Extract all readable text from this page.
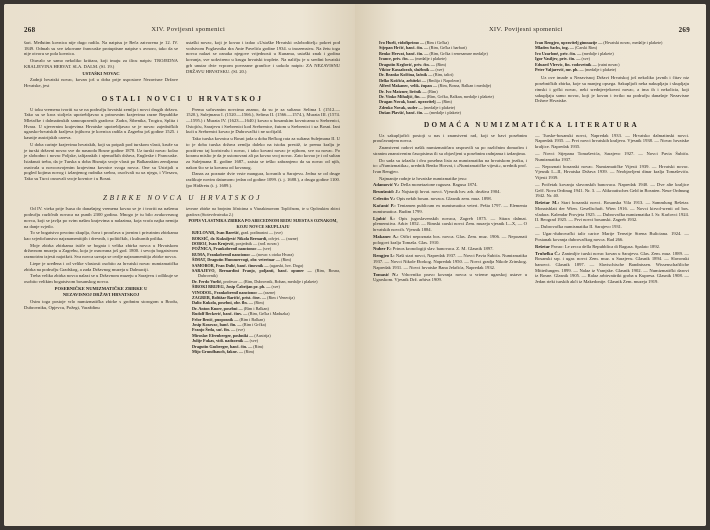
268	XIV. Povijesni spomenici

šari. Međutim kovnica nije dugo radila. Na natpisu je Beča zatvorena je 12. IV. 1849. Odmah su sve izkovane francuske protuptisne natpise s avnoro, tako da se nije otvoru se pola kovnica.

Otuvalo se samo nekoliko kriitara, koji imaju za ilicu natpis: TROJEDNA KRALJEVINA HERVAT. SLA. DALM. (Sl. 19.)

USTAŠKI NOVAC

Zadnji hrvatski novac, kovan još u doba prije uspostave Nezavisne Države Hrvatske, jest

ustaški novac, koji je kovao i izdao »Ustaške Hrvatski osloboditelj« pokret pod vodstvom Poglavnika dra Ante Pavelića godine 1934. u inozemstvu. Na žetu toga novca nalazi se oznaka njegove vrijednosti u Kunama, ustaški znak i godina kovanja, sve uokvireno u krugu hrvatski troplete. Na naličju je u sredini hrvatski grb unutar dvie vrpcom povezane grančice i uokolo natpis: ZA NEZAVISNU DRŽAVU HRVATSKU. (Sl. 20.)

OSTALI NOVCI U HRVATSKOJ

U toku vremena tvoriti su se na području hrvatski zemlja i novci drugih država. Tako su se kroz stoljeća upotrebljavao u prinovnim krajevima razne Republike Mletačke i dalmatinskih samoupravnih gradova: Zadra, Šibenika, Trogira, Splita i Hvara. U ujevernim krajevima Hrvatske upotrebljavao se je novac zajedničkih ugarsko-hrvatskih kraljeva (njihova je kovnica radila u Zagrebu još godine 1525. i kasnije austrijskih careva.

U doba carinje krajevima hrvatskih, koji su potpali pod turskom vlasti, kruže su je turski državni novac sve do nasnoda Bosne godine 1878. Uz turski novac kolao je slobodno i novac Poljske, talijanskih i njemačkih država, Engleske i Francuske. Istaknuti treba, da je Turska u doba Bismija svoje vlasti po Balkanskim zemljama osnivala u novoosvojenim krajevima kovnice svoga novca. One su Ustrijali u pogled kojima novog i izlanjenog rudnika srebra, osoćivali su uz njega, i Vlesava, Tako su Turci osnovali svoje kovnice i u Bosni.

Prema sačuvanim novcima znamo, da su je za sultana: Selima I. (1512.—1520.), Sulejmana I. (1520.—1566.), Selima II. (1566.—1574.), Murata III. (1574.—1595.) i Murata IV. (1623.—1640.) kovao u bosanskim kovnicama u Srebrenici, Ostojiću, Sarajevu i Srebrenici kod Srebrenice, žutom u Srebrenici i uz Bosni. Izni kući u Srebrenici kovao je Dubrovački i ne uočijalil.

Tako turska kovnica u Bosni jada u doba Bečkog rata za sultana Sulejmana II. U to je doba turska država zemlja daleko na istoku prestiž, iz prema kralju je pozitivno taj koristvalu i novac, i tako kovani novac je njihom, sve su novac. Po koranu mislio je da je ustonovani ali pa kovao svoj novac. Zato kovao je i od sultan za Sulejmana II. godine 1687., zaista se teško zabranjeno da su novac od njih, nakon što se ta kovanu od kovanog.

Danas za poznate dvie vrste mangura, kovanih u Sarajevu. Jedna se od druge razlikuje novim datumom: jedan od godine 1099. (t. j. 1688.), a druga godine 1100. (po Hidžretu (t. j. 1689.).

ZBIRKE NOVCA U HRVATSKOJ

Od IV. vieka prije Isusa do današnjeg vremena kovao se je i tvoriti na našemu području različnih novaca na punih 2300 godina. Mnogo je tu bilo avakovrsnog novca, koji se javlja po svim našim krajevima u nalazima, koja vraća najka nemija na danje svjetlo.

To se bogatstvo prvotno skuplja, čuva i proučava u javnim i privatnim zbirkama kao svjedočanstvo najznamenitijih i drevnih, i političkih, i kulturnih prilika.

Moje zbirka zbirkama ističe se bogata i velika zbirka novca u Hrvatskom državnom muzeju u Zagrebu, koja je osnovana još god. 1800. i sevoju bogatstvom razmotrim izjesti najotkrit. Sva novca uzvaja se ovdje najznamenitija zbirke novca.

Liepe je uređena i od velike vlastosti osobito za hrvatski novac numizmatička zbirka na području Gradskog, a zada Državnog muzeja u Dalmaciji.

Treba velika zbirka novca nalazi se u Državnom muzeju u Sarajevu i odlikuje se osobito velikim bogatstvom bosanskog novca.

POSEBNIČKE NUMIZMATIČKE ZBIRKE U

NEZAVISNOJ DRŽAVI HRVATSKOJ

Osim toga postoje vrlo numizmatička zbirke s grobnim storogom u Brodu, Dubrovniku, Opjevcu, Požegi, Varaždinu

izvrsne zbirke na brojnim ličnicima u Visnakimovom Topličnom, te u Općinskim zbirci gradova (Stotevdvatvaka 2.)

POPIS VLASTNIKA ZBIRKA PO ABECEDNOM REDU MJESTA S OZNAKOM, KOJU NOVCE SKUPLJAJU

BJELOVAR, Ivan Barešić, grad. podinastni — (sve)
BOKSIĆ, dr. Kukuljević Nikola Bernardi, odvjet. — (razne)
DOBOJ, Ivan Krnjević, posjednik — (rođ. novac)
POŽNICA, Frankobrenil nancionoc — (sve)
RUMA, Frankobrenil nancionoc — (novac s otoka Hvara)
ŠIMAT, Dragutin Hummervogi, obr. veterinar — (Rim)
SAMOBOR, Fran Dulić, banč. činovnik — (ugarski, hrv. Doga)
SARAJEVO, Bernardini Franjo, poljanti, banč. opuner — (Rim, Bosna, Dubrovnik)
Dr. Ferdo Vurlić, profesor — (Rim, Dubrovnik, Bohan, medalje i plakete)
ŠIROKI BRIJEG, Josip Čabrijan pr. ph. — (sve)
VINODOL, Frankobrenil nancionoc — (razne)
ZAGREB, Boltižar Baričić, prist. činv. — (Rim i Venecija)
Dalio Kukola, posebni, obr. fln. — (Rim)
Dr. Anton Knorr, posebni — (Rim i Balkan)
Rudolf Beckerić, banč. činv. — (Rim, Grčka i Maduzka)
Felor Brnić, puoposnik — (Rim i Balkan)
Josip Kosovac, banč. fin. — (Rim i Grčka)
Franjo Šeda, suć. fin. — (sve)
Miroslav Efrenberger, posbniki — (Austrija)
Julije Fukas, vidi. nadzornik — (sve)
Dragutin Gasberger, banč. čin. — (Rim)
Mijo Grundbauch, fakne. — (Rim)
XIV. Povijesni spomenici	269
Ivo Hurli, vidofiprimo — (Rim i Grčka)
Stjepan Hrčić, banč. čin. — (Rim, Grčka i barbari)
Benko Hervat, banč. čin. — (Rim, Grčka i renesansne medalje)
Ivance, priv. čin. — (medalje i plakete)
Dragutin Krglović, priv. čin. — (Rim)
Viktor Kassalorah, službnik — (sve)
Dr. Branko Kolčina, lačnik — (Rim, taliri)
Ilelko Koščića, arhitekt — (Rmlija i Napoleon)
Alfred Makanec, velik. župan — (Rim, Bosna, Balkan i medalje)
Dr. Ivo Matzner, liečnik — (Rim)
Dr. Vinko Mihaljić, fin. — (Rim, Grčka, Balkan, medalje i plakete)
Dragan Novak, banč. upravitelj — (Rim)
Zdenko Novak, suder — (medalje i plakete)
Dušan Plavšić, banč. čin. — (medalje i plakete)
Ivan Rengjeo, upravitelj gimnazije — (Hrvatski novac, medalje i plakete)
Mladen Sachs, ing. — (Carski Rim)
Ivo Uzarloné, priv. čin. — (medalje i plakete)
Igor Vasiljev, priv. čin. — (sve)
Eduard Vlrevic, fin. vodovetnik — (rutni novac)
Peter Valjarević, mr. ph. — (medalje i plakete)

Uz ove imade u Nezavisnoj Državi Hrvatskoj još nekoliko javnih i čitav niz posebničkih zbirka, koje su manjeg opsega. Sakupljači neka nakupljaju i skupljaju rimski i grčki novac, neki srednjevjekovni novac, a ima ih i nekolicia, koji sakupljaju samo novac, koji je kovan i tvriko na području današnje Nezavisne Države Hrvatske.

DOMAĆA NUMIZMATIČKA LITERATURA

Uz sakupljačići postoji u nas i znanstveni rad, koji se bavi posebnim proučavanjem novca.

Znanstveni radovi našik numizmatičara raspravili su po različnim domaćim i stranim znanstvenim časopisima ili su objavljeni u posebnim radnjama i izdanjima.

Do sada su izlazila i dva posebna lista za numizmatiku na hrvatskom jeziku, i to: »Numizmatika«, urednik Benko Horvat, i »Numizmatičke vijesti«, urednik prof. Ivan Rengjeo.

Najmanije radnje iz hrvatske numizmatike jesu:

Adamović V.: Della monetazione ragusea. Ragusa 1874.
Brunšmid: J.: Najstariji hrvat. novci. Vjesnik hrv. arh. društva 1904.
Celestin V.: Opis nekih bosan. novaca. Glasnik zem. muz. 1898.
Kačanić P.: Tentamen publicum ex numismatica veteri. Pešta 1797. — Elementa numismatica. Budim 1799.
Ljubić Š.: Opis jugoslavenskih novaca, Zagreb 1875. — Sitara dalmat. plemenstiva. Arkiv 1852. — Rimski carski novci Zem. muzeja vjesnik I—X, — O hrvatskih novcih. Vjesnik 1884.
Makanec A.: Otčiri nepoznata bos. novca. Glas. Zem. muz. 1906. — Nepoznati pologovi kralja Tomaša. Glas. 1910.
Nuber F.: Prinos kronologiji slav. banovaca. Z. M. Glasnik 1897.
Rengjeo I.: Naši stari novci, Napredak 1937. — Novci Pavia Šubića. Numizmatika 1937. — Novci Nikole Đorkog. Napredak 1950. — Novci gradja Nikole Zrinskog. Napredak 1931. — Novci hrvatske Bana Jelačića, Napredak 1932.
Tomasić N.: Vrhovniko pravo kovanja novca u vrieme ugarskoj ustave u Ugarskom. Vjesnik Drž. arhiva 1909.
— Turske-bosanski novci, Napredak 1933. — Hrvatsko dalmatinski novci. Napredak 1935. — Prvi novci hrvatskih kraljeva. Vjesnik 1938. — Novac hrvatske kraljice. Napredak 1935.
— Novci Stjepana Tomaševića, Sarajevo 1927. — Novci Pavia Šubića. Numizmatika 1937.
— Nepoznati bosanski novac. Numizmatičke Vijesti 1939. — Hrvatski novac. Vjesnik I—II, Hrvatska Država 1939. — Neobjavljeni dinar kralja Tomaševića. Vijesti 1939.
— Potčetak kovanja slavonskih banovaca. Napredak 1940. — Dve alte kraljice Gelč. Nova Ordinag 1941. Nr. 3. — Altkroatisches Geld in Bosnien. Neue Ordnung 1942. Nr. 40.
Rešetar M.: Stari bosanski novci. Bosanska Vila 1913. — Sammlung Rešetar. Monatsblatt der Wien. Gesellschaft. Wien 1916. — Novci kirvol-srenii od bos. vladara. Kalendar Provjeta 1925. — Dubrovačka numizmatika I. Sr. Karlovci 1924. II. Beograd 1925. — Prvi novci bosanski. Zagreb 1932.
— Dubrovačka numismatika II. Sarajevo 1931.
— Ugar.-dubrovački talir carice Marije Terezije Strena Buliciana. 1924. — Postanak kovanja dubrovačkog novca. Rad 266.
Rešetar Pavao: Le zecca della Repubblica di Ragusa. Spalato 1892.
Truhelka Ć.: Zanimljiv turski novac kovan u Sarajevu. Glas. Zem. muz. 1889. — Bosanski srp. i ugar. novci Zem. muz. u Sarajevu. Glasnik 1894. — Slavonski banovci. Glasnik 1897. — Slavischische Bandnissen. Wissenschaftliche Mitteilungen. 1899. — Nalaz iz Vranjske. Glasnik 1902. — Numizmatički darovi iz Bosne. Glasnik 1905. — Ralaz arbirvatiriki groba u Kupresa. Glasnik 1908. — Jedan rieki turskih akči iz Makedonije. Glasnik Zem. muzeja 1919.
